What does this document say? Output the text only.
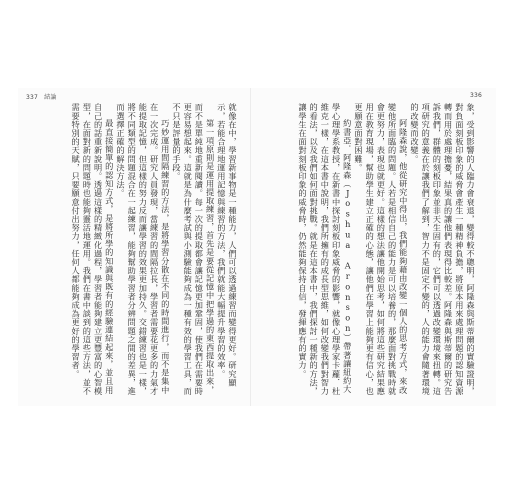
337 結論	336

象，受到影響的人臨力會衰退，變得較不聰明，阿隆森與斯蒂爾的實驗證明，對負面刻板印象的威脅會產生一種精神負擔，將原本用來處理問題的認知資源轉而用於處理擔憂，結果真的讓他們表現得比較差。阿隆森與斯蒂爾的研究告訴我們，群體的刻板印象並非天生固有的，它們可以透過改變環境來扭轉。這項研究的意義在於讓我們了解到，智力不是固定不變的，人的能力會隨著環境的改變而改變。

阿隆森說，他從研究中得出，我們能夠藉由改變一個人的思考方式，來改變他所面臨的問題。人若是相信自己的能力是可以培養的，那麼面對挑戰時就會更努力，表現也就更好。這樣的想法讓他開始思考，如何將這些研究結果應用在教育現場，幫助學生建立正確的心態，讓他們在學習上能夠更有信心，也更願意面對困難。

約書亞．阿隆森（Joshua Aronson）帶著讓紐約大學心理學系教授，在新書中探討刻板印象威脅的影響，就像心理學家卡蘿．杜維克一樣，在這本書中說明，我們所擁有的成長型思維，如何改變我們對智力的看法，以及我們如何面對挑戰。就是在這本書中，我們探討一種新的方法，讓學生在面對刻板印象的威脅時，仍然能夠保持自信，發揮應有的實力。

就像在中，學習新事物是一種能力，人們可以透過練習而變得更好。研究顯示，若能合理地運用記憶與練習的方法，我們就能大幅提升學習的效率。

第一項原則是運用提取練習，首先是要從記憶中把學過的東西提取出來，而不是單純地重新閱讀。每一次的提取都會讓記憶更加鞏固，使我們在需要時更容易想起來。這就是為什麼考試與小測驗能夠成為一種有效的學習工具，而不只是評量的手段。

巧妙運用間隔練習的方法，是將學習分散在不同的時間進行，而不是集中在一次完成。研究人員發現，當練習的間隔拉長，學習者需要花更多的力氣才能提取記憶，但這樣的努力反而讓學習的效果更加持久。交錯練習也是一樣，將不同類型的問題混合在一起練習，能夠幫助學習者分辨問題之間的差異，進而選擇正確的解決方法。

最直接簡單的認知方式，是將所學的知識與既有的經驗連結起來，並且用自己的話重新說明。透過這樣的精緻化過程，學習者能夠建立更豐富的心智模型，在面對新的問題時也能夠靈活地運用。我們在書中談到的這些方法，並不需要特別的天賦，只要願意付出努力，任何人都能夠成為更好的學習者。
